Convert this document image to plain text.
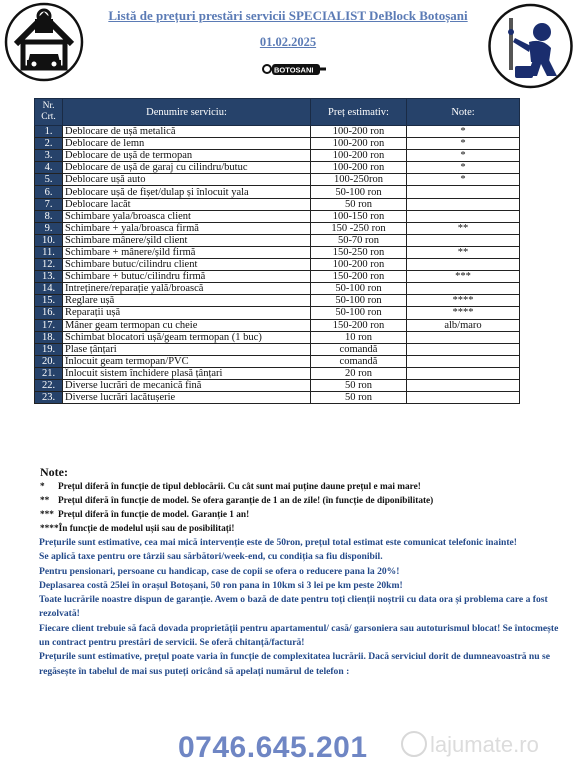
Listă de prețuri prestări servicii SPECIALIST DeBlock Botoșani
01.02.2025
BOTOSANI
Nr. Crt.	Denumire serviciu:	Preț estimativ:	Note:
1.	Deblocare de ușă metalică	100-200 ron	*
2.	Deblocare de lemn	100-200 ron	*
3.	Deblocare de ușă de termopan	100-200 ron	*
4.	Deblocare de ușă de garaj cu cilindru/butuc	100-200 ron	*
5.	Deblocare ușă auto	100-250ron	*
6.	Deblocare ușă de fișet/dulap și înlocuit yala	50-100 ron	
7.	Deblocare lacăt	50 ron	
8.	Schimbare yala/broasca client	100-150 ron	
9.	Schimbare + yala/broasca firmă	150 -250 ron	**
10.	Schimbare mânere/șild client	50-70 ron	
11.	Schimbare + mânere/șild firmă	150-250 ron	**
12.	Schimbare butuc/cilindru client	100-200 ron	
13.	Schimbare + butuc/cilindru firmă	150-200 ron	***
14.	Intreținere/reparație yală/broască	50-100 ron	
15.	Reglare ușă	50-100 ron	****
16.	Reparații ușă	50-100 ron	****
17.	Mâner geam termopan cu cheie	150-200 ron	alb/maro
18.	Schimbat blocatori ușă/geam termopan (1 buc)	10 ron	
19.	Plase țânțari	comandă	
20.	Înlocuit geam termopan/PVC	comandă	
21.	Înlocuit sistem închidere plasă țânțari	20 ron	
22.	Diverse lucrări de mecanică fină	50 ron	
23.	Diverse lucrări lacătușerie	50 ron	
Note:
* Prețul diferă în funcție de tipul deblocării. Cu cât sunt mai puține daune prețul e mai mare!
** Prețul diferă în funcție de model. Se ofera garanție de 1 an de zile! (în funcție de diponibilitate)
*** Prețul diferă în funcție de model. Garanție 1 an!
****În funcție de modelul ușii sau de posibilitați!
Prețurile sunt estimative, cea mai mică intervenție este de 50ron, prețul total estimat este comunicat telefonic inainte!
Se aplică taxe pentru ore târzii sau sărbători/week-end, cu condiția sa fiu disponibil.
Pentru pensionari, persoane cu handicap, case de copii se ofera o reducere pana la 20%!
Deplasarea costă 25lei în orașul Botoșani, 50 ron pana in 10km si 3 lei pe km peste 20km!
Toate lucrările noastre dispun de garanție. Avem o bază de date pentru toți clienții noștrii cu data ora și problema care a fost rezolvată!
Fiecare client trebuie să facă dovada proprietății pentru apartamentul/ casă/ garsoniera sau autoturismul blocat! Se întocmește un contract pentru prestări de servicii. Se oferă chitanță/factură!
Prețurile sunt estimative, prețul poate varia în funcție de complexitatea lucrării. Dacă serviciul dorit de dumneavoastră nu se regăsește în tabelul de mai sus puteți oricând să apelați numărul de telefon :
0746.645.201	lajumate.ro
